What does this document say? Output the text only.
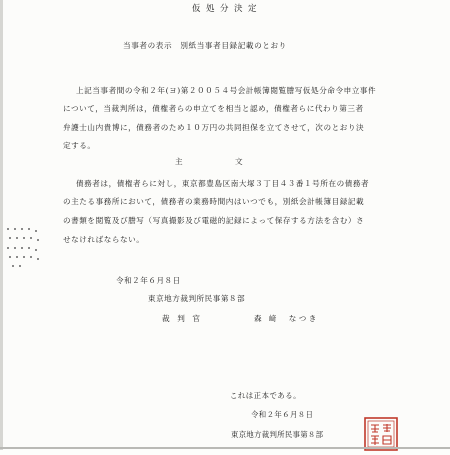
仮 処 分 決 定
当事者の表示　別紙当事者目録記載のとおり
上記当事者間の令和２年(ヨ)第２００５４号会計帳簿閲覧謄写仮処分命令申立事件
について，当裁判所は，債権者らの申立てを相当と認め，債権者らに代わり第三者
弁護士山内貴博に，債務者のため１０万円の共同担保を立てさせて，次のとおり決
定する。
主	文
債務者は，債権者らに対し，東京都豊島区南大塚３丁目４３番１号所在の債務者
の主たる事務所において，債務者の業務時間内はいつでも，別紙会計帳簿目録記載
の書類を閲覧及び謄写（写真撮影及び電磁的記録によって保存する方法を含む）さ
せなければならない。
令和２年６月８日
東京地方裁判所民事第８部
裁 判 官	森 﨑　なつき
これは正本である。
令和２年６月８日
東京地方裁判所民事第８部
